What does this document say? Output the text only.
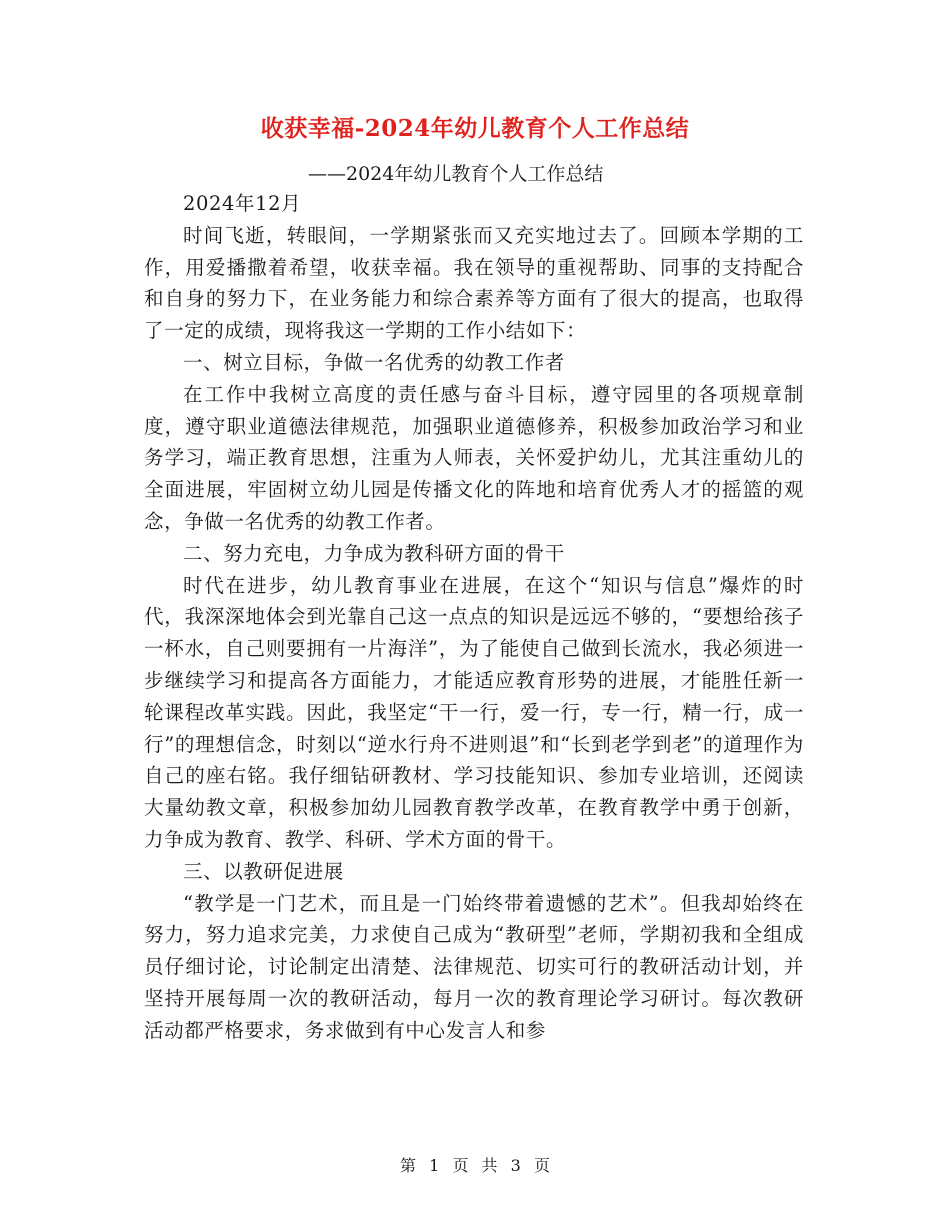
收获幸福-2024年幼儿教育个人工作总结
——2024年幼儿教育个人工作总结

2024年12月

时间飞逝，转眼间，一学期紧张而又充实地过去了。回顾本学期的工作，用爱播撒着希望，收获幸福。我在领导的重视帮助、同事的支持配合和自身的努力下，在业务能力和综合素养等方面有了很大的提高，也取得了一定的成绩，现将我这一学期的工作小结如下：

一、树立目标，争做一名优秀的幼教工作者

在工作中我树立高度的责任感与奋斗目标，遵守园里的各项规章制度，遵守职业道德法律规范，加强职业道德修养，积极参加政治学习和业务学习，端正教育思想，注重为人师表，关怀爱护幼儿，尤其注重幼儿的全面进展，牢固树立幼儿园是传播文化的阵地和培育优秀人才的摇篮的观念，争做一名优秀的幼教工作者。

二、努力充电，力争成为教科研方面的骨干

时代在进步，幼儿教育事业在进展，在这个“知识与信息”爆炸的时代，我深深地体会到光靠自己这一点点的知识是远远不够的，“要想给孩子一杯水，自己则要拥有一片海洋”，为了能使自己做到长流水，我必须进一步继续学习和提高各方面能力，才能适应教育形势的进展，才能胜任新一轮课程改革实践。因此，我坚定“干一行，爱一行，专一行，精一行，成一行”的理想信念，时刻以“逆水行舟不进则退”和“长到老学到老”的道理作为自己的座右铭。我仔细钻研教材、学习技能知识、参加专业培训，还阅读大量幼教文章，积极参加幼儿园教育教学改革，在教育教学中勇于创新，力争成为教育、教学、科研、学术方面的骨干。

三、以教研促进展

“教学是一门艺术，而且是一门始终带着遗憾的艺术”。但我却始终在努力，努力追求完美，力求使自己成为“教研型”老师，学期初我和全组成员仔细讨论，讨论制定出清楚、法律规范、切实可行的教研活动计划，并坚持开展每周一次的教研活动，每月一次的教育理论学习研讨。每次教研活动都严格要求，务求做到有中心发言人和参

第 1 页 共 3 页
